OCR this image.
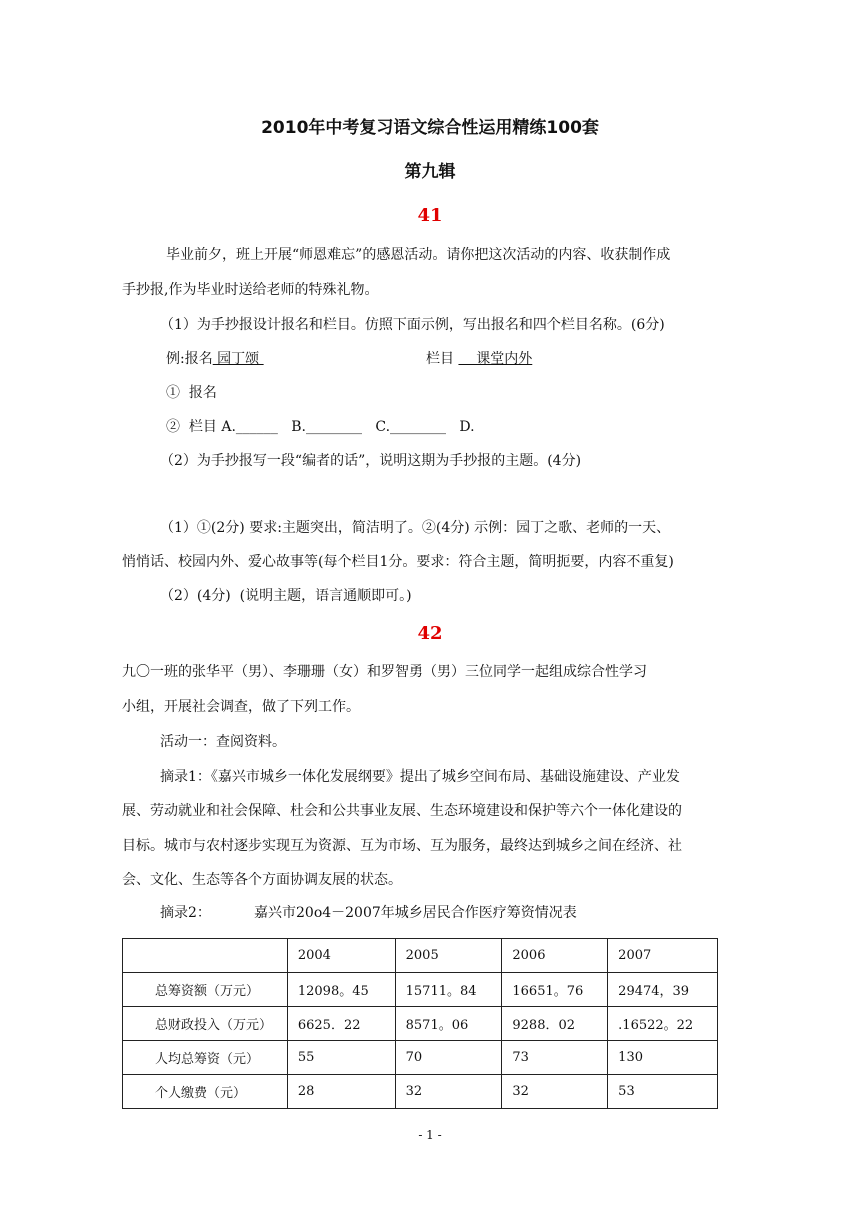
2010年中考复习语文综合性运用精练100套
第九辑
41
毕业前夕，班上开展“师恩难忘”的感恩活动。请你把这次活动的内容、收获制作成
手抄报,作为毕业时送给老师的特殊礼物。
（1）为手抄报设计报名和栏目。仿照下面示例，写出报名和四个栏目名称。(6分)
例:报名 园丁颂	栏目     课堂内外
①  报名
②  栏目 A.______   B.________   C.________   D.
（2）为手抄报写一段“编者的话”，说明这期为手抄报的主题。(4分)
（1）①(2分) 要求:主题突出，简洁明了。②(4分) 示例：园丁之歌、老师的一天、
悄悄话、校园内外、爱心故事等(每个栏目1分。要求：符合主题，简明扼要，内容不重复)
（2）(4分)  (说明主题，语言通顺即可。)
42
九〇一班的张华平（男）、李珊珊（女）和罗智勇（男）三位同学一起组成综合性学习
小组，开展社会调查，做了下列工作。
活动一：查阅资料。
摘录1：《嘉兴市城乡一体化发展纲要》提出了城乡空间布局、基础设施建设、产业发
展、劳动就业和社会保障、杜会和公共事业友展、生态环境建设和保护等六个一体化建设的
目标。城市与农村逐步实现互为资源、互为市场、互为服务，最终达到城乡之间在经济、社
会、文化、生态等各个方面协调友展的状态。
摘录2：	嘉兴市20o4－2007年城乡居民合作医疗筹资情况表
	2004	2005	2006	2007
总筹资额（万元）	12098。45	15711。84	16651。76	29474，39
总财政投入（万元）	6625．22	8571。06	9288．02	.16522。22
人均总筹资（元）	55	70	73	130
个人缴费（元）	28	32	32	53
- 1 -
